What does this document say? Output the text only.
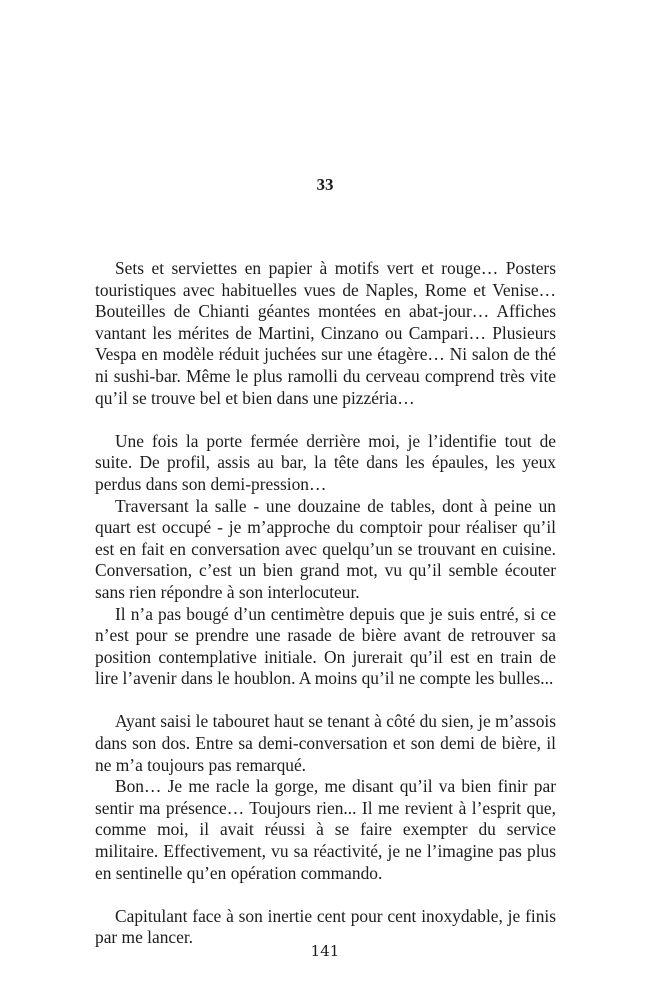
33

Sets et serviettes en papier à motifs vert et rouge… Posters touristiques avec habituelles vues de Naples, Rome et Venise… Bouteilles de Chianti géantes montées en abat-jour… Affiches vantant les mérites de Martini, Cinzano ou Campari… Plusieurs Vespa en modèle réduit juchées sur une étagère… Ni salon de thé ni sushi-bar. Même le plus ramolli du cerveau comprend très vite qu’il se trouve bel et bien dans une pizzéria…

Une fois la porte fermée derrière moi, je l’identifie tout de suite. De profil, assis au bar, la tête dans les épaules, les yeux perdus dans son demi-pression…

Traversant la salle - une douzaine de tables, dont à peine un quart est occupé - je m’approche du comptoir pour réaliser qu’il est en fait en conversation avec quelqu’un se trouvant en cuisine. Conversation, c’est un bien grand mot, vu qu’il semble écouter sans rien répondre à son interlocuteur.

Il n’a pas bougé d’un centimètre depuis que je suis entré, si ce n’est pour se prendre une rasade de bière avant de retrouver sa position contemplative initiale. On jurerait qu’il est en train de lire l’avenir dans le houblon. A moins qu’il ne compte les bulles...

Ayant saisi le tabouret haut se tenant à côté du sien, je m’assois dans son dos. Entre sa demi-conversation et son demi de bière, il ne m’a toujours pas remarqué.

Bon… Je me racle la gorge, me disant qu’il va bien finir par sentir ma présence… Toujours rien... Il me revient à l’esprit que, comme moi, il avait réussi à se faire exempter du service militaire. Effectivement, vu sa réactivité, je ne l’imagine pas plus en sentinelle qu’en opération commando.

Capitulant face à son inertie cent pour cent inoxydable, je finis par me lancer.

141
